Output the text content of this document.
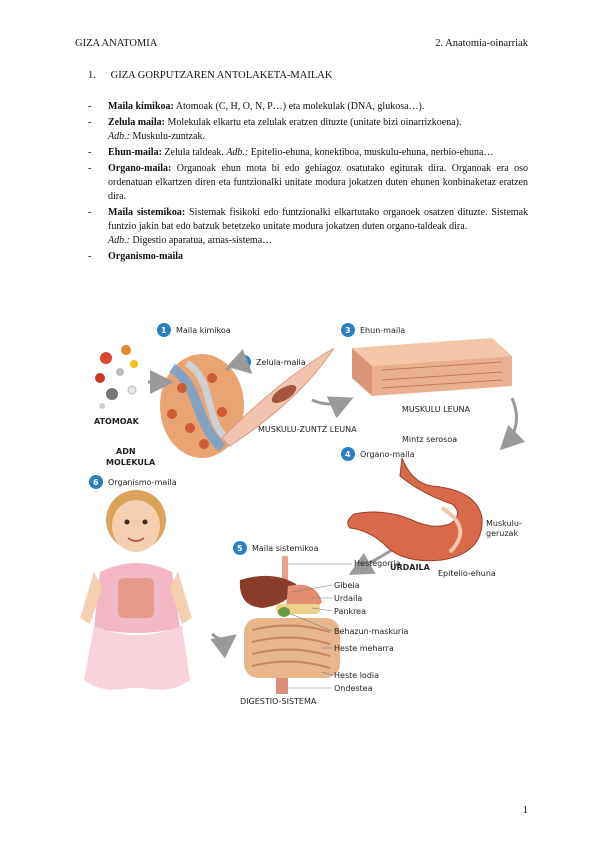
GIZA ANATOMIA	2. Anatomia-oinarriak
1. GIZA GORPUTZAREN ANTOLAKETA-MAILAK
- Maila kimikoa: Atomoak (C, H, O, N, P…) eta molekulak (DNA, glukosa…).
- Zelula maila: Molekulak elkartu eta zelulak eratzen dituzte (unitate bizi oinarrizkoena).
Adb.: Muskulu-zuntzak.
- Ehun-maila: Zelula taldeak. Adb.: Epitelio-ehuna, konektiboa, muskulu-ehuna, nerbio-ehuna…
- Organo-maila: Organoak ehun mota bi edo gehiagoz osatutako egiturak dira. Organoak era oso ordenatuan elkartzen diren eta funtzionalki unitate modura jokatzen duten ehunen konbinaketaz eratzen dira.
- Maila sistemikoa: Sistemak fisikoki edo funtzionalki elkartutako organoek osatzen dituzte. Sistemak funtzio jakin bat edo batzuk betetzeko unitate modura jokatzen duten organo-taldeak dira.
Adb.: Digestio aparatua, arnas-sistema…
- Organismo-maila
ATOMOAK
ADN
MOLEKULA
1 Maila kimikoa
2 Zelula-maila
MUSKULU-ZUNTZ LEUNA
3 Ehun-maila
MUSKULU LEUNA
4 Organo-maila
Mintz serosoa
Muskulu-
geruzak
URDAILA
Epitelio-ehuna
6 Organismo-maila
5 Maila sistemikoa
Hestegorria
Gibela
Urdaila
Pankrea
Behazun-maskuria
Heste meharra
Heste lodia
Ondestea
DIGESTIO-SISTEMA
1
